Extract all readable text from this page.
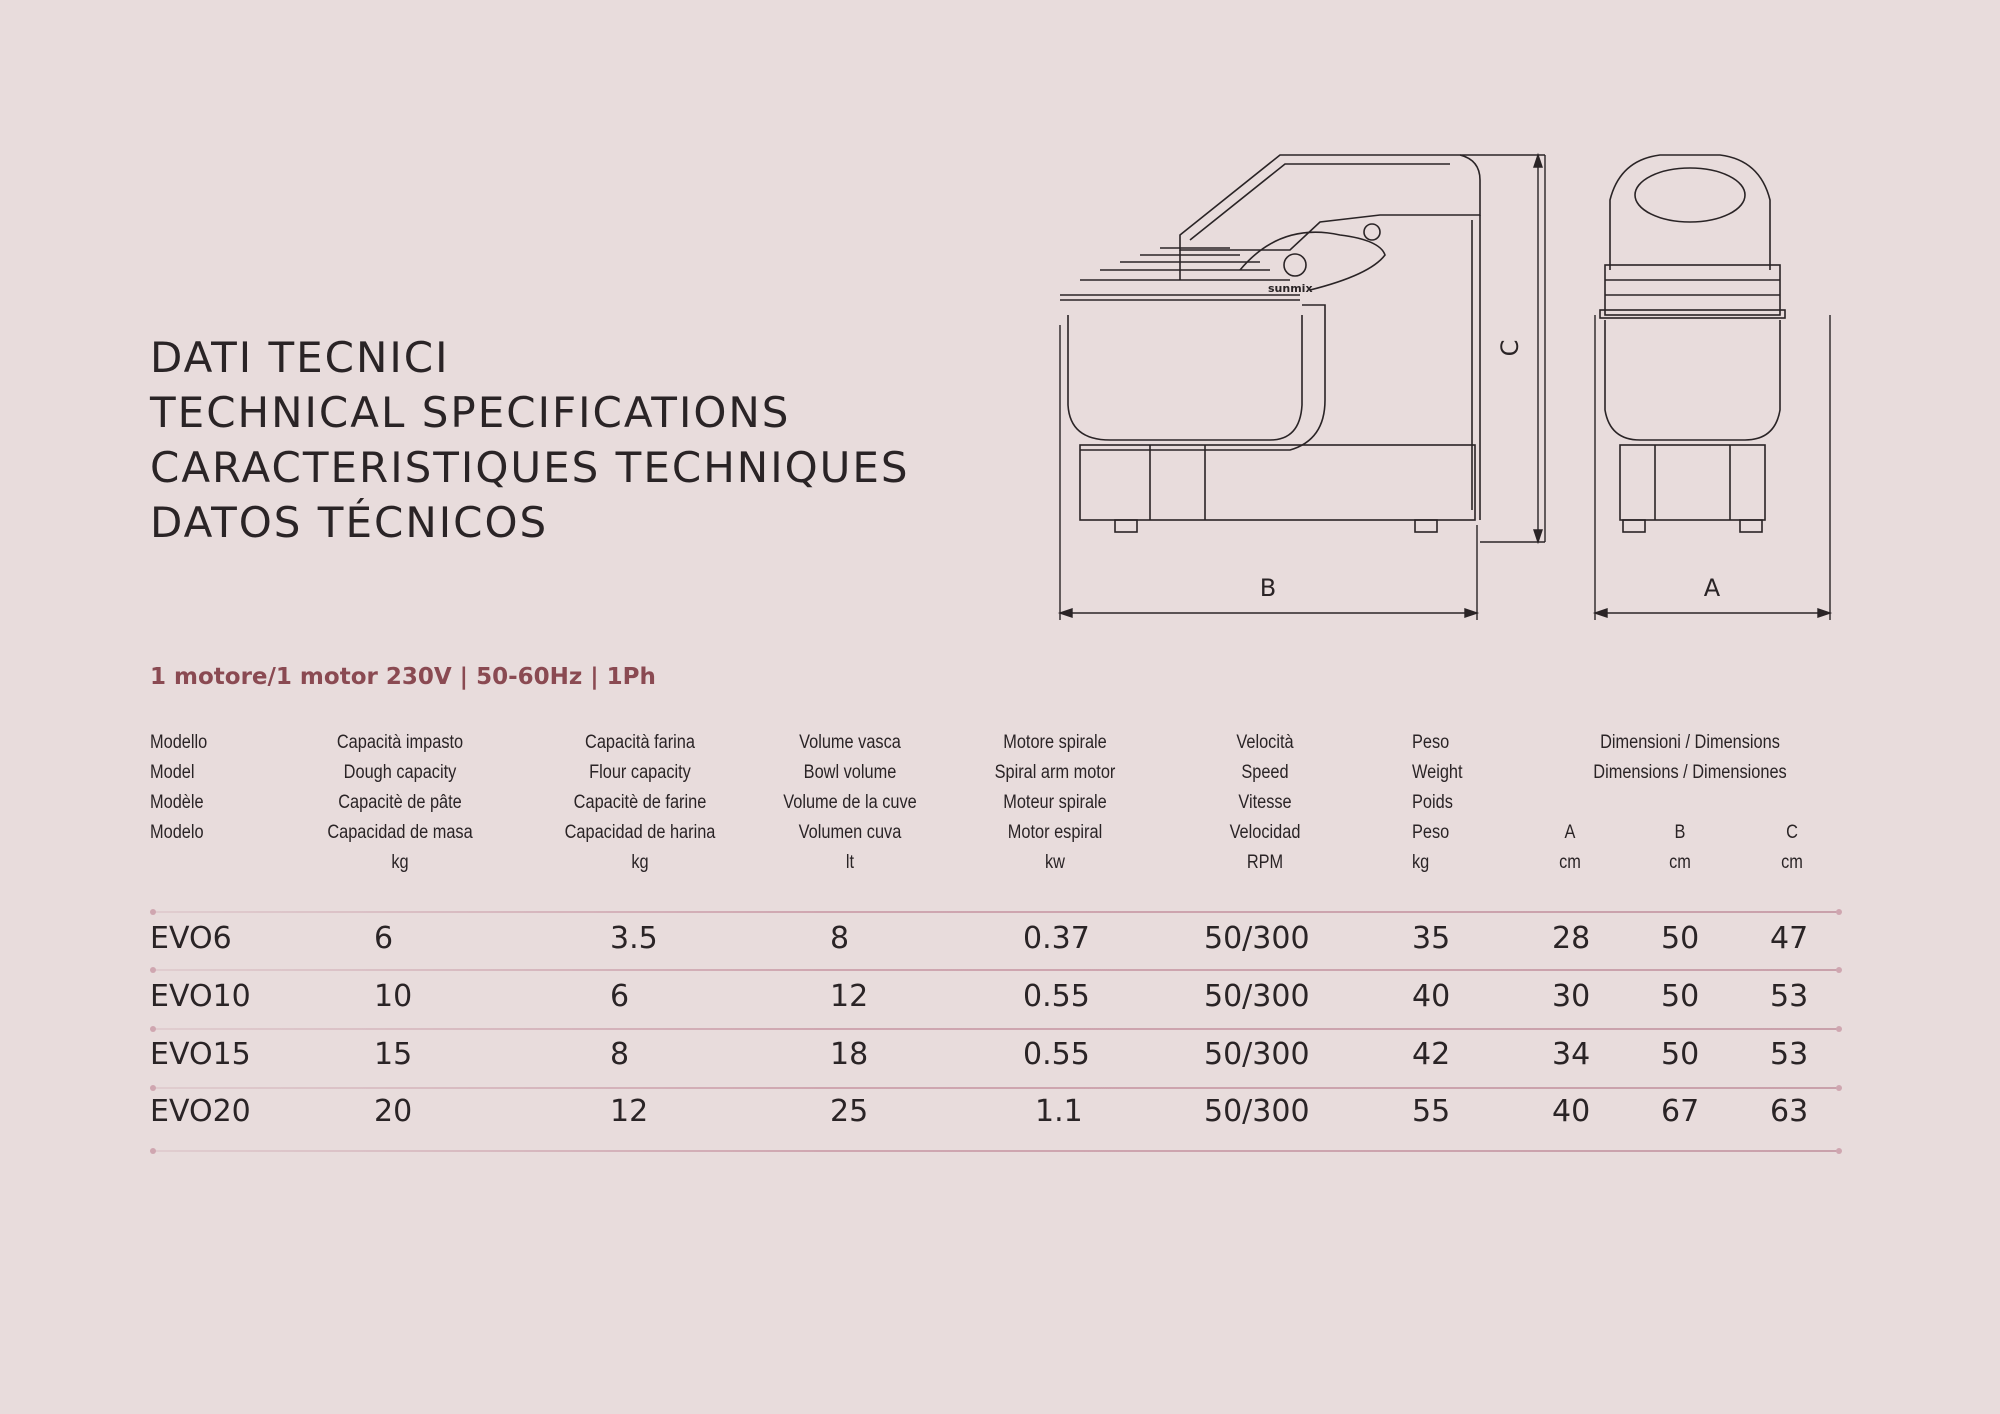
DATI TECNICI
TECHNICAL SPECIFICATIONS
CARACTERISTIQUES TECHNIQUES
DATOS TÉCNICOS
1 motore/1 motor 230V | 50-60Hz | 1Ph
sunmix
B	A
C
Modello
Model
Modèle
Modelo
Capacità impasto
Dough capacity
Capacitè de pâte
Capacidad de masa
kg
Capacità farina
Flour capacity
Capacitè de farine
Capacidad de harina
kg
Volume vasca
Bowl volume
Volume de la cuve
Volumen cuva
lt
Motore spirale
Spiral arm motor
Moteur spirale
Motor espiral
kw
Velocità
Speed
Vitesse
Velocidad
RPM
Peso
Weight
Poids
Peso
kg
Dimensioni / Dimensions
Dimensions / Dimensiones
A
cm
B
cm
C
cm
EVO6	6	3.5	8	0.37	50/300	35	28 50 47
EVO10	10	6	12	0.55	50/300	40	30 50 53
EVO15	15	8	18	0.55	50/300	42	34 50 53
EVO20	20	12	25	1.1	50/300	55	40 67 63
